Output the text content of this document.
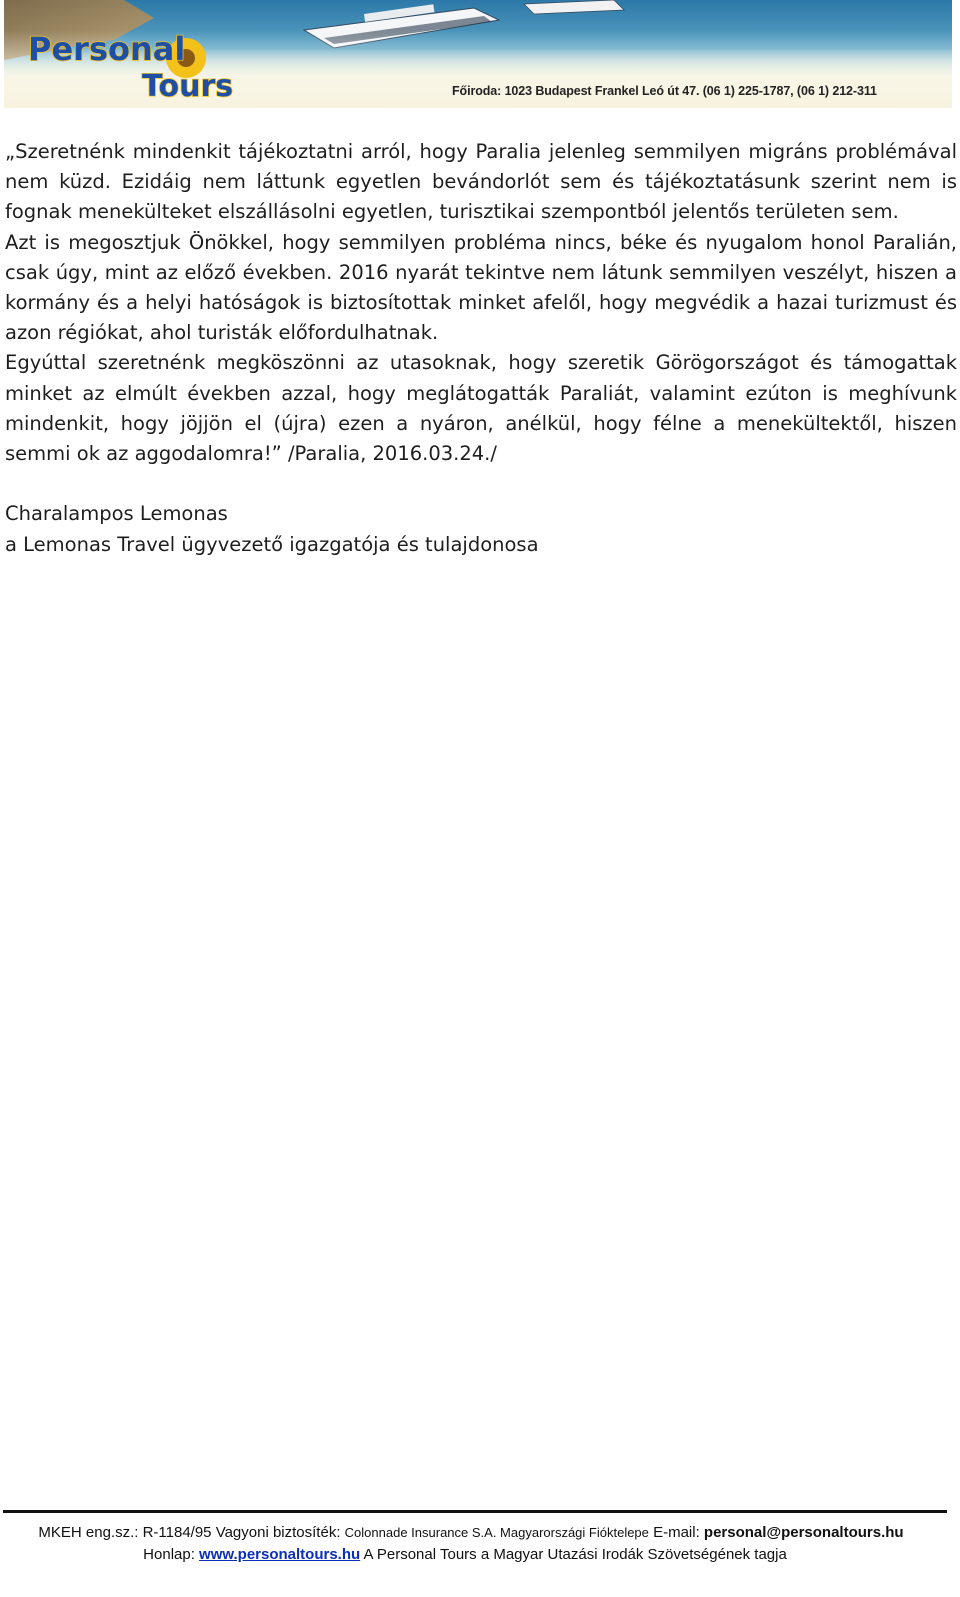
Personal
Tours	Főiroda: 1023 Budapest Frankel Leó út 47. (06 1) 225-1787, (06 1) 212-311

„Szeretnénk mindenkit tájékoztatni arról, hogy Paralia jelenleg semmilyen migráns problémával nem küzd. Ezidáig nem láttunk egyetlen bevándorlót sem és tájékoztatásunk szerint nem is fognak menekülteket elszállásolni egyetlen, turisztikai szempontból jelentős területen sem.

Azt is megosztjuk Önökkel, hogy semmilyen probléma nincs, béke és nyugalom honol Paralián, csak úgy, mint az előző években. 2016 nyarát tekintve nem látunk semmilyen veszélyt, hiszen a kormány és a helyi hatóságok is biztosítottak minket afelől, hogy megvédik a hazai turizmust és azon régiókat, ahol turisták előfordulhatnak.

Egyúttal szeretnénk megköszönni az utasoknak, hogy szeretik Görögországot és támogattak minket az elmúlt években azzal, hogy meglátogatták Paraliát, valamint ezúton is meghívunk mindenkit, hogy jöjjön el (újra) ezen a nyáron, anélkül, hogy félne a menekültektől, hiszen semmi ok az aggodalomra!” /Paralia, 2016.03.24./

Charalampos Lemonas

a Lemonas Travel ügyvezető igazgatója és tulajdonosa

MKEH eng.sz.: R-1184/95 Vagyoni biztosíték: Colonnade Insurance S.A. Magyarországi Fióktelepe E-mail: personal@personaltours.hu
Honlap: www.personaltours.hu A Personal Tours a Magyar Utazási Irodák Szövetségének tagja
